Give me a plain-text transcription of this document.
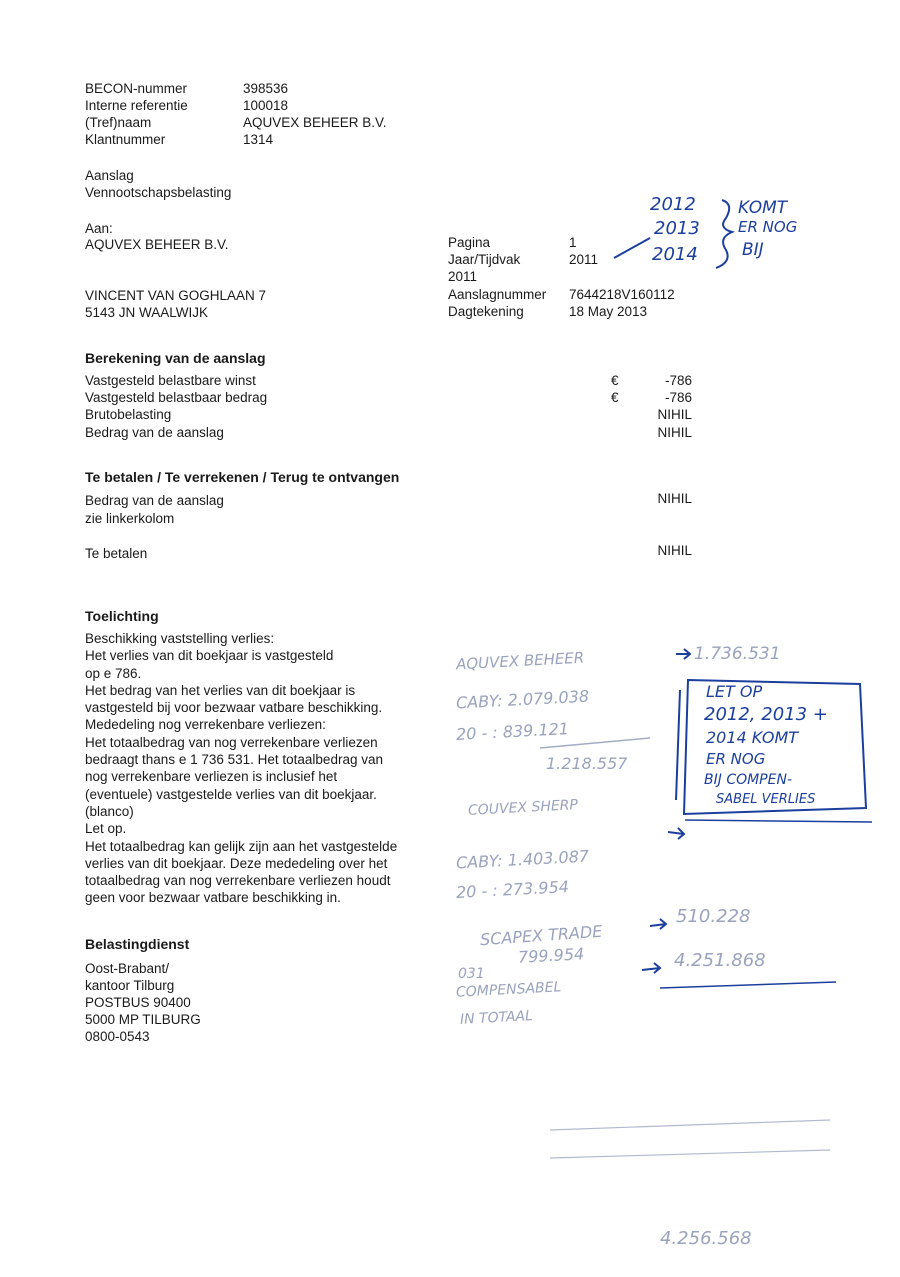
BECON-nummer	398536
Interne referentie	100018
(Tref)naam	AQUVEX BEHEER B.V.
Klantnummer	1314
Aanslag
Vennootschapsbelasting
Aan:
AQUVEX BEHEER B.V.
VINCENT VAN GOGHLAAN 7
5143 JN WAALWIJK
Pagina	1
Jaar/Tijdvak	2011
2011
Aanslagnummer 7644218V160112
Dagtekening	18 May 2013
Berekening van de aanslag
Vastgesteld belastbare winst	€	-786
Vastgesteld belastbaar bedrag	€	-786
Brutobelasting	NIHIL
Bedrag van de aanslag	NIHIL
Te betalen / Te verrekenen / Terug te ontvangen
Bedrag van de aanslag	NIHIL
zie linkerkolom
Te betalen	NIHIL
Toelichting
Beschikking vaststelling verlies:
Het verlies van dit boekjaar is vastgesteld
op e 786.
Het bedrag van het verlies van dit boekjaar is
vastgesteld bij voor bezwaar vatbare beschikking.
Mededeling nog verrekenbare verliezen:
Het totaalbedrag van nog verrekenbare verliezen
bedraagt thans e 1 736 531. Het totaalbedrag van
nog verrekenbare verliezen is inclusief het
(eventuele) vastgestelde verlies van dit boekjaar.
(blanco)
Let op.
Het totaalbedrag kan gelijk zijn aan het vastgestelde
verlies van dit boekjaar. Deze mededeling over het
totaalbedrag van nog verrekenbare verliezen houdt
geen voor bezwaar vatbare beschikking in.
Belastingdienst
Oost-Brabant/
kantoor Tilburg
POSTBUS 90400
5000 MP TILBURG
0800-0543
2012
2013
2014
KOMT
ER NOG
BIJ
LET OP
2012, 2013 +
2014 KOMT
ER NOG
BIJ COMPEN-
SABEL VERLIES
AQUVEX BEHEER	1.736.531
CABY: 2.079.038
20 - : 839.121
1.218.557
COUVEX SHERP
CABY: 1.403.087
20 - : 273.954
510.228
SCAPEX TRADE
799.954
031
COMPENSABEL
4.251.868
IN TOTAAL
4.256.568
